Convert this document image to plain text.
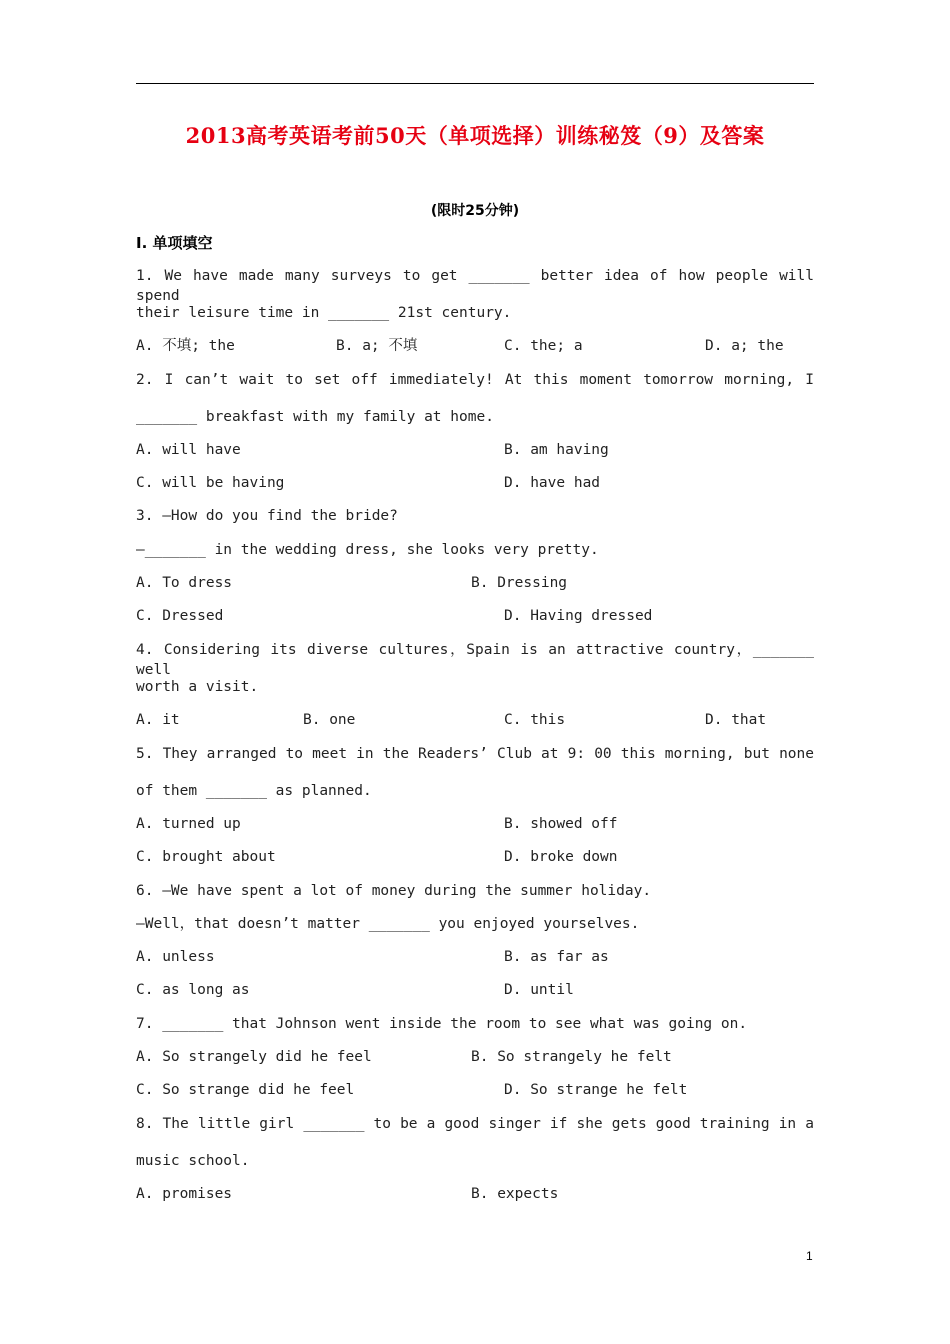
2013高考英语考前50天（单项选择）训练秘笈（9）及答案
(限时25分钟)
Ⅰ. 单项填空
1. We have made many surveys to get _______ better idea of how people will spend
their leisure time in _______ 21st century.
A. 不填; the	B. a; 不填	C. the; a	D. a; the
2. I can’t wait to set off immediately! At this moment tomorrow morning, I
_______ breakfast with my family at home.
A. will have	B. am having
C. will be having	D. have had
3. —How do you find the bride?
—_______ in the wedding dress, she looks very pretty.
A. To dress	B. Dressing
C. Dressed	D. Having dressed
4. Considering its diverse cultures，Spain is an attractive country，_______ well
worth a visit.
A. it	B. one	C. this	D. that
5. They arranged to meet in the Readers’ Club at 9: 00 this morning, but none
of them _______ as planned.
A. turned up	B. showed off
C. brought about	D. broke down
6. —We have spent a lot of money during the summer holiday.
—Well，that doesn’t matter _______ you enjoyed yourselves.
A. unless	B. as far as
C. as long as	D. until
7. _______ that Johnson went inside the room to see what was going on.
A. So strangely did he feel	B. So strangely he felt
C. So strange did he feel	D. So strange he felt
8. The little girl _______ to be a good singer if she gets good training in a
music school.
A. promises	B. expects
1
